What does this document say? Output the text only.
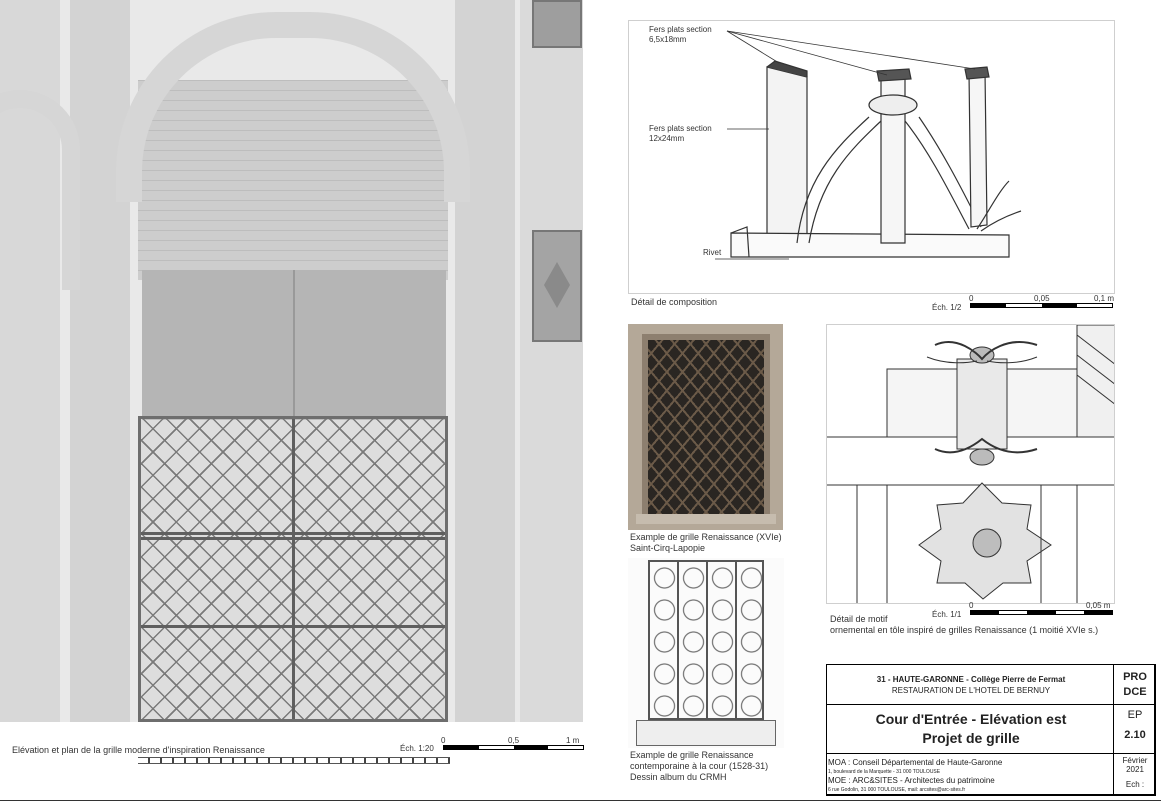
Elévation et plan de la grille moderne d'inspiration Renaissance	Éch. 1:20
0	0,5	1 m
Fers plats section
6,5x18mm
Fers plats section
12x24mm
Rivet
Détail de composition
Éch. 1/2
0	0,05	0,1 m
Example de grille Renaissance (XVIe)
Saint-Cirq-Lapopie
Example de grille Renaissance
contemporaine à la cour (1528-31)
Dessin album du CRMH
Détail de motif
ornemental en tôle inspiré de grilles Renaissance (1 moitié XVIe s.)
Éch. 1/1
0	0,05 m
31 - HAUTE-GARONNE - Collège Pierre de Fermat
RESTAURATION DE L'HOTEL DE BERNUY
PRO
DCE
Cour d'Entrée - Elévation est
Projet de grille
EP
2.10
MOA : Conseil Départemental de Haute-Garonne
1, boulevard de la Marquette - 31 000 TOULOUSE
MOE : ARC&SITES - Architectes du patrimoine
6 rue Godolin, 31 000 TOULOUSE, mail: arcsites@arc-sites.fr
Février
2021
Ech :
